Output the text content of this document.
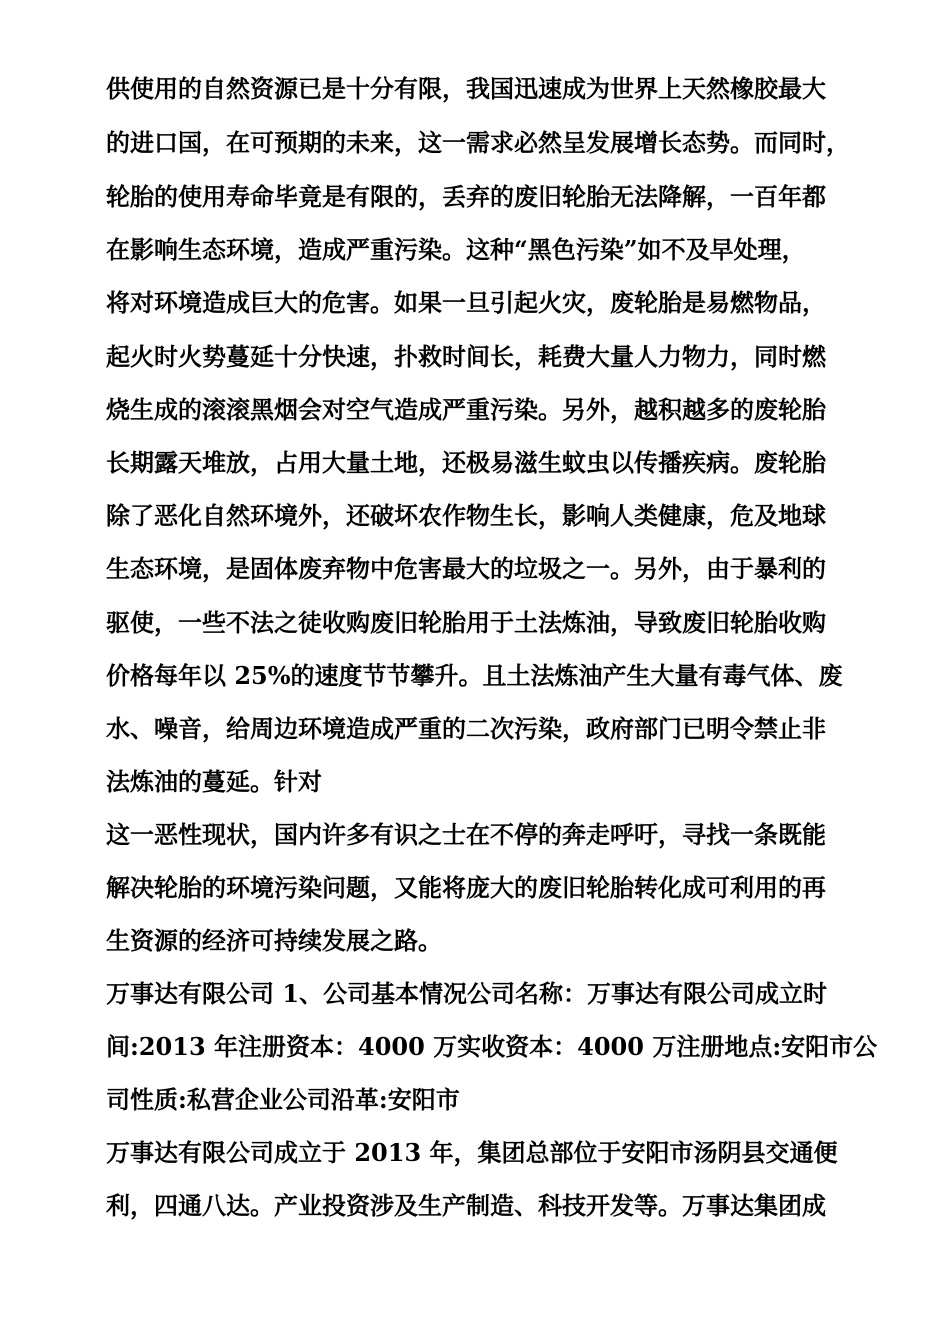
供使用的自然资源已是十分有限，我国迅速成为世界上天然橡胶最大
的进口国，在可预期的未来，这一需求必然呈发展增长态势。而同时，
轮胎的使用寿命毕竟是有限的，丢弃的废旧轮胎无法降解，一百年都
在影响生态环境，造成严重污染。这种“黑色污染”如不及早处理，
将对环境造成巨大的危害。如果一旦引起火灾，废轮胎是易燃物品，
起火时火势蔓延十分快速，扑救时间长，耗费大量人力物力，同时燃
烧生成的滚滚黑烟会对空气造成严重污染。另外，越积越多的废轮胎
长期露天堆放，占用大量土地，还极易滋生蚊虫以传播疾病。废轮胎
除了恶化自然环境外，还破坏农作物生长，影响人类健康，危及地球
生态环境，是固体废弃物中危害最大的垃圾之一。另外，由于暴利的
驱使，一些不法之徒收购废旧轮胎用于土法炼油，导致废旧轮胎收购
价格每年以 25%的速度节节攀升。且土法炼油产生大量有毒气体、废
水、噪音，给周边环境造成严重的二次污染，政府部门已明令禁止非
法炼油的蔓延。针对
这一恶性现状，国内许多有识之士在不停的奔走呼吁，寻找一条既能
解决轮胎的环境污染问题，又能将庞大的废旧轮胎转化成可利用的再
生资源的经济可持续发展之路。
万事达有限公司 1、公司基本情况公司名称：万事达有限公司成立时
间:2013 年注册资本：4000 万实收资本：4000 万注册地点:安阳市公
司性质:私营企业公司沿革:安阳市
万事达有限公司成立于 2013 年，集团总部位于安阳市汤阴县交通便
利，四通八达。产业投资涉及生产制造、科技开发等。万事达集团成
